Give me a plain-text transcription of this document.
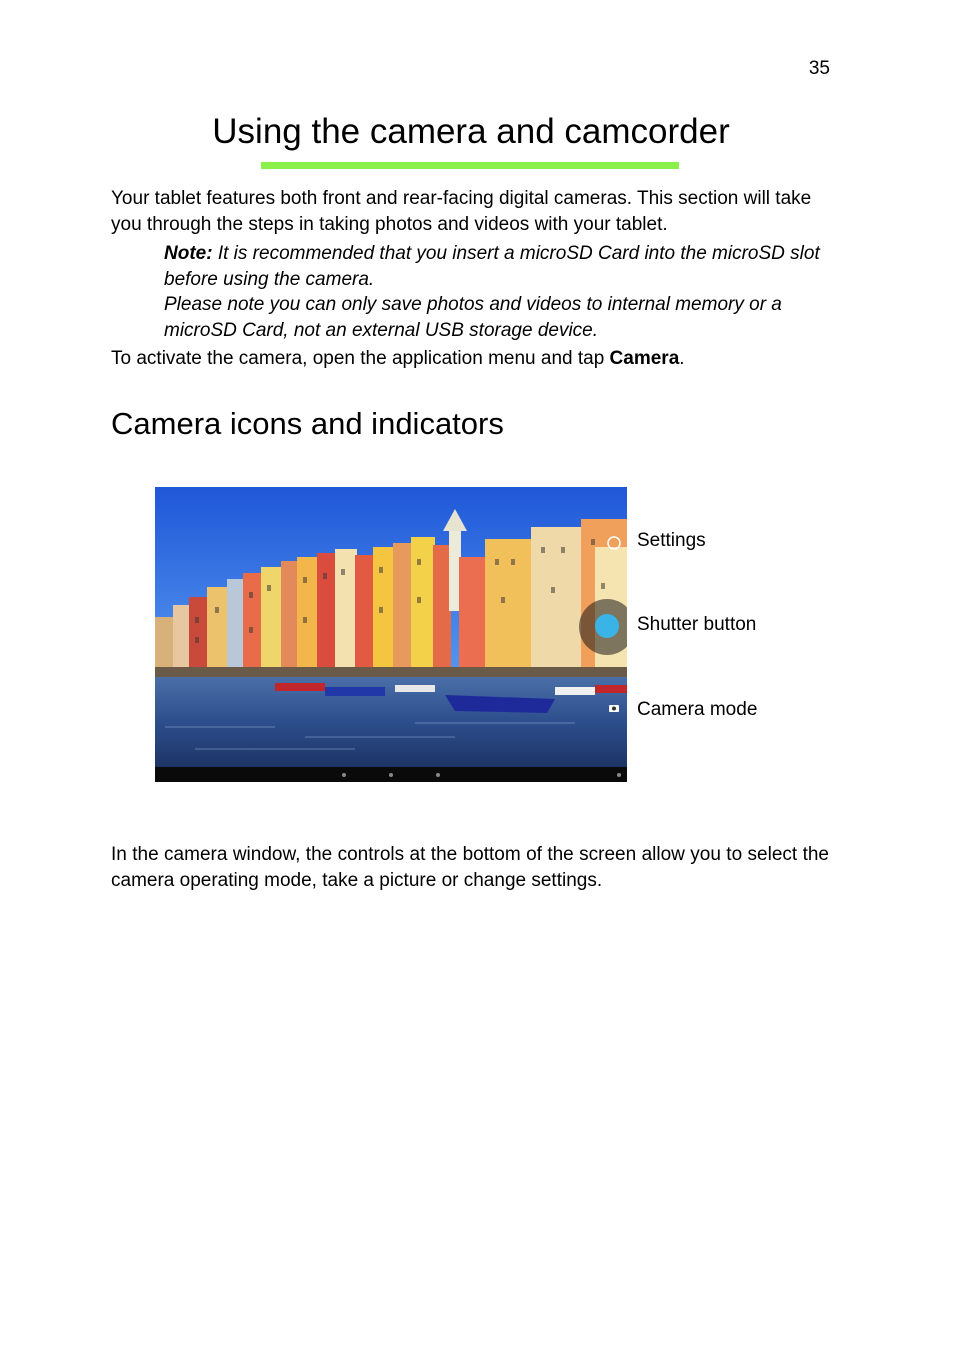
35
Using the camera and camcorder
Your tablet features both front and rear-facing digital cameras. This section will take you through the steps in taking photos and videos with your tablet.
Note: It is recommended that you insert a microSD Card into the microSD slot before using the camera.
Please note you can only save photos and videos to internal memory or a microSD Card, not an external USB storage device.
To activate the camera, open the application menu and tap Camera.
Camera icons and indicators
Settings
Shutter button
Camera mode
In the camera window, the controls at the bottom of the screen allow you to select the camera operating mode, take a picture or change settings.
